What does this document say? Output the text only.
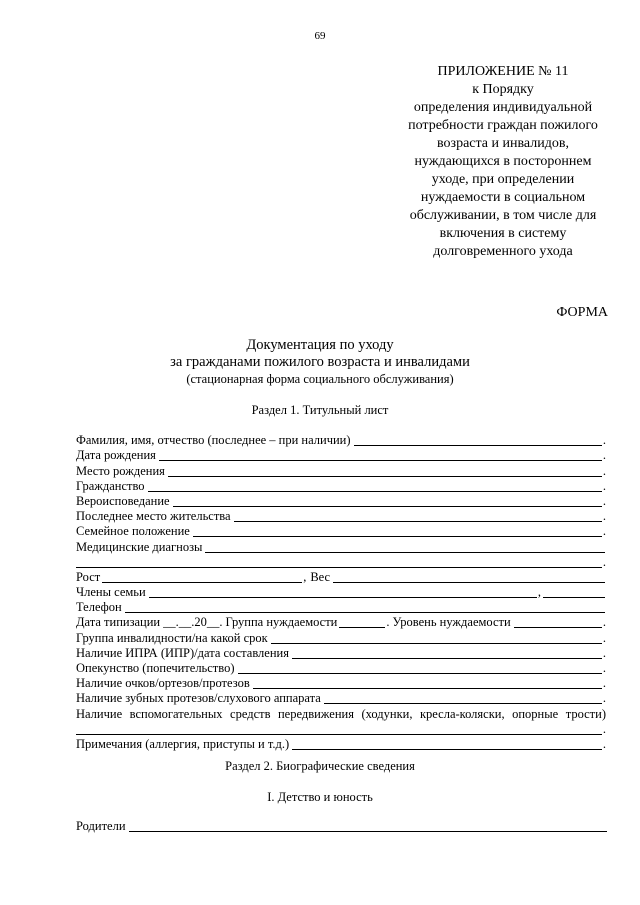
69
ПРИЛОЖЕНИЕ № 11
к Порядку
определения индивидуальной
потребности граждан пожилого
возраста и инвалидов,
нуждающихся в постороннем
уходе, при определении
нуждаемости в социальном
обслуживании, в том числе для
включения в систему
долговременного ухода
ФОРМА
Документация по уходу
за гражданами пожилого возраста и инвалидами
(стационарная форма социального обслуживания)
Раздел 1. Титульный лист
Фамилия, имя, отчество (последнее – при наличии)	.
Дата рождения	.
Место рождения	.
Гражданство	.
Вероисповедание	.
Последнее место жительства	.
Семейное положение	.
Медицинские диагнозы
.
Рост	, Вес
Члены семьи	,
Телефон
Дата типизации __.__.20__ . Группа нуждаемости	. Уровень нуждаемости	.
Группа инвалидности/на какой срок	.
Наличие ИПРА (ИПР)/дата составления	.
Опекунство (попечительство)	.
Наличие очков/ортезов/протезов	.
Наличие зубных протезов/слухового аппарата	.
Наличие вспомогательных средств передвижения (ходунки, кресла-коляски, опорные трости)
.
Примечания (аллергия, приступы и т.д.)	.
Раздел 2. Биографические сведения
I. Детство и юность
Родители
